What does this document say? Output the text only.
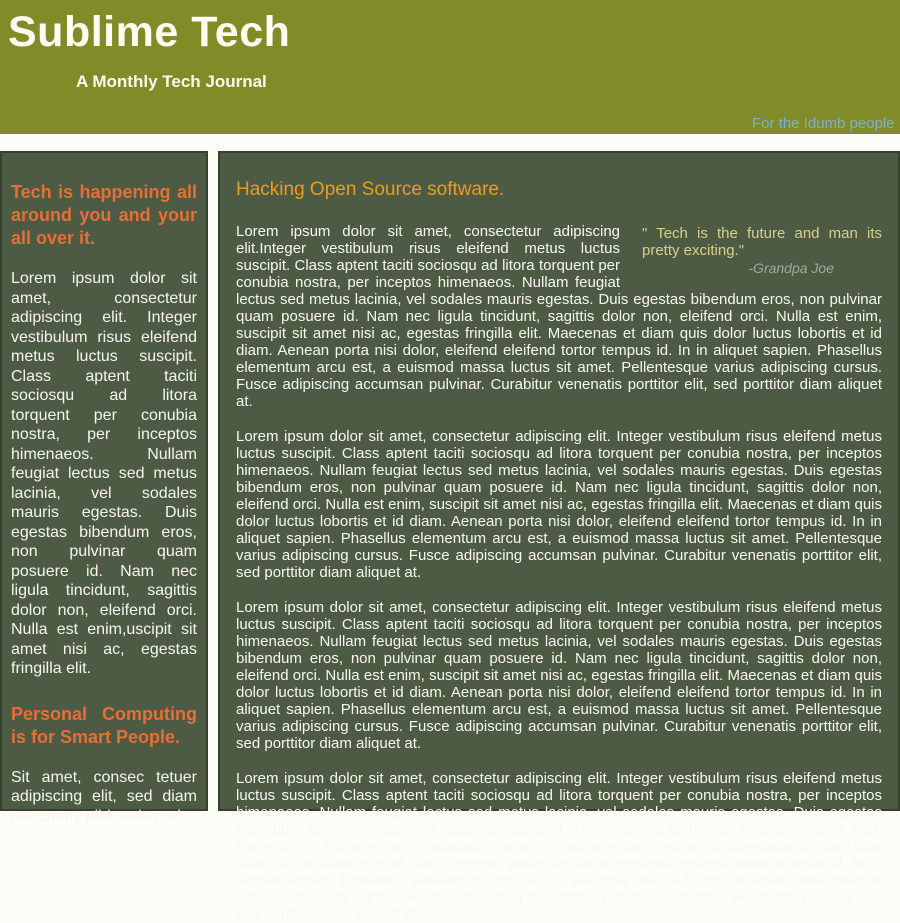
Sublime Tech
A Monthly Tech Journal
For the !dumb people
Tech is happening all around you and your all over it.

Lorem ipsum dolor sit amet, consectetur adipiscing elit. Integer vestibulum risus eleifend metus luctus suscipit. Class aptent taciti sociosqu ad litora torquent per conubia nostra, per inceptos himenaeos. Nullam feugiat lectus sed metus lacinia, vel sodales mauris egestas. Duis egestas bibendum eros, non pulvinar quam posuere id. Nam nec ligula tincidunt, sagittis dolor non, eleifend orci. Nulla est enim,uscipit sit amet nisi ac, egestas fringilla elit.

Personal Computing is for Smart People.

Sit amet, consec tetuer adipiscing elit, sed diam nonummy nibh euismod

Hacking Open Source software.
" Tech is the future and man its pretty exciting."
-Grandpa Joe

Lorem ipsum dolor sit amet, consectetur adipiscing elit.Integer vestibulum risus eleifend metus luctus suscipit. Class aptent taciti sociosqu ad litora torquent per conubia nostra, per inceptos himenaeos. Nullam feugiat lectus sed metus lacinia, vel sodales mauris egestas. Duis egestas bibendum eros, non pulvinar quam posuere id. Nam nec ligula tincidunt, sagittis dolor non, eleifend orci. Nulla est enim, suscipit sit amet nisi ac, egestas fringilla elit. Maecenas et diam quis dolor luctus lobortis et id diam. Aenean porta nisi dolor, eleifend eleifend tortor tempus id. In in aliquet sapien. Phasellus elementum arcu est, a euismod massa luctus sit amet. Pellentesque varius adipiscing cursus. Fusce adipiscing accumsan pulvinar. Curabitur venenatis porttitor elit, sed porttitor diam aliquet at.

Lorem ipsum dolor sit amet, consectetur adipiscing elit. Integer vestibulum risus eleifend metus luctus suscipit. Class aptent taciti sociosqu ad litora torquent per conubia nostra, per inceptos himenaeos. Nullam feugiat lectus sed metus lacinia, vel sodales mauris egestas. Duis egestas bibendum eros, non pulvinar quam posuere id. Nam nec ligula tincidunt, sagittis dolor non, eleifend orci. Nulla est enim, suscipit sit amet nisi ac, egestas fringilla elit. Maecenas et diam quis dolor luctus lobortis et id diam. Aenean porta nisi dolor, eleifend eleifend tortor tempus id. In in aliquet sapien. Phasellus elementum arcu est, a euismod massa luctus sit amet. Pellentesque varius adipiscing cursus. Fusce adipiscing accumsan pulvinar. Curabitur venenatis porttitor elit, sed porttitor diam aliquet at.

Lorem ipsum dolor sit amet, consectetur adipiscing elit. Integer vestibulum risus eleifend metus luctus suscipit. Class aptent taciti sociosqu ad litora torquent per conubia nostra, per inceptos himenaeos. Nullam feugiat lectus sed metus lacinia, vel sodales mauris egestas. Duis egestas bibendum eros, non pulvinar quam posuere id. Nam nec ligula tincidunt, sagittis dolor non, eleifend orci. Nulla est enim, suscipit sit amet nisi ac, egestas fringilla elit. Maecenas et diam quis dolor luctus lobortis et id diam. Aenean porta nisi dolor, eleifend eleifend tortor tempus id. In in aliquet sapien. Phasellus elementum arcu est, a euismod massa luctus sit amet. Pellentesque varius adipiscing cursus. Fusce adipiscing accumsan pulvinar. Curabitur venenatis porttitor elit, sed porttitor diam aliquet at.

Lorem ipsum dolor sit amet, consectetur adipiscing elit. Integer vestibulum risus eleifend metus luctus suscipit. Class aptent taciti sociosqu ad litora torquent per conubia nostra, per inceptos himenaeos. Nullam feugiat lectus sed metus lacinia, vel sodales mauris egestas. Duis egestas bibendum eros, non pulvinar quam posuere id. Nam nec ligula tincidunt, sagittis dolor non, eleifend orci. Nulla est enim, suscipit sit amet nisi ac, egestas fringilla elit. Maecenas et diam quis dolor luctus lobortis et id diam. Aenean porta nisi dolor, eleifend eleifend tortor tempus id. In in aliquet sapien. Phasellus elementum arcu est, a euismod massa luctus sit amet. Pellentesque varius adipiscing cursus. Fusce adipiscing accumsan pulvinar. Curabitur venenatis porttitor elit, sed porttitor diam aliquet at.
